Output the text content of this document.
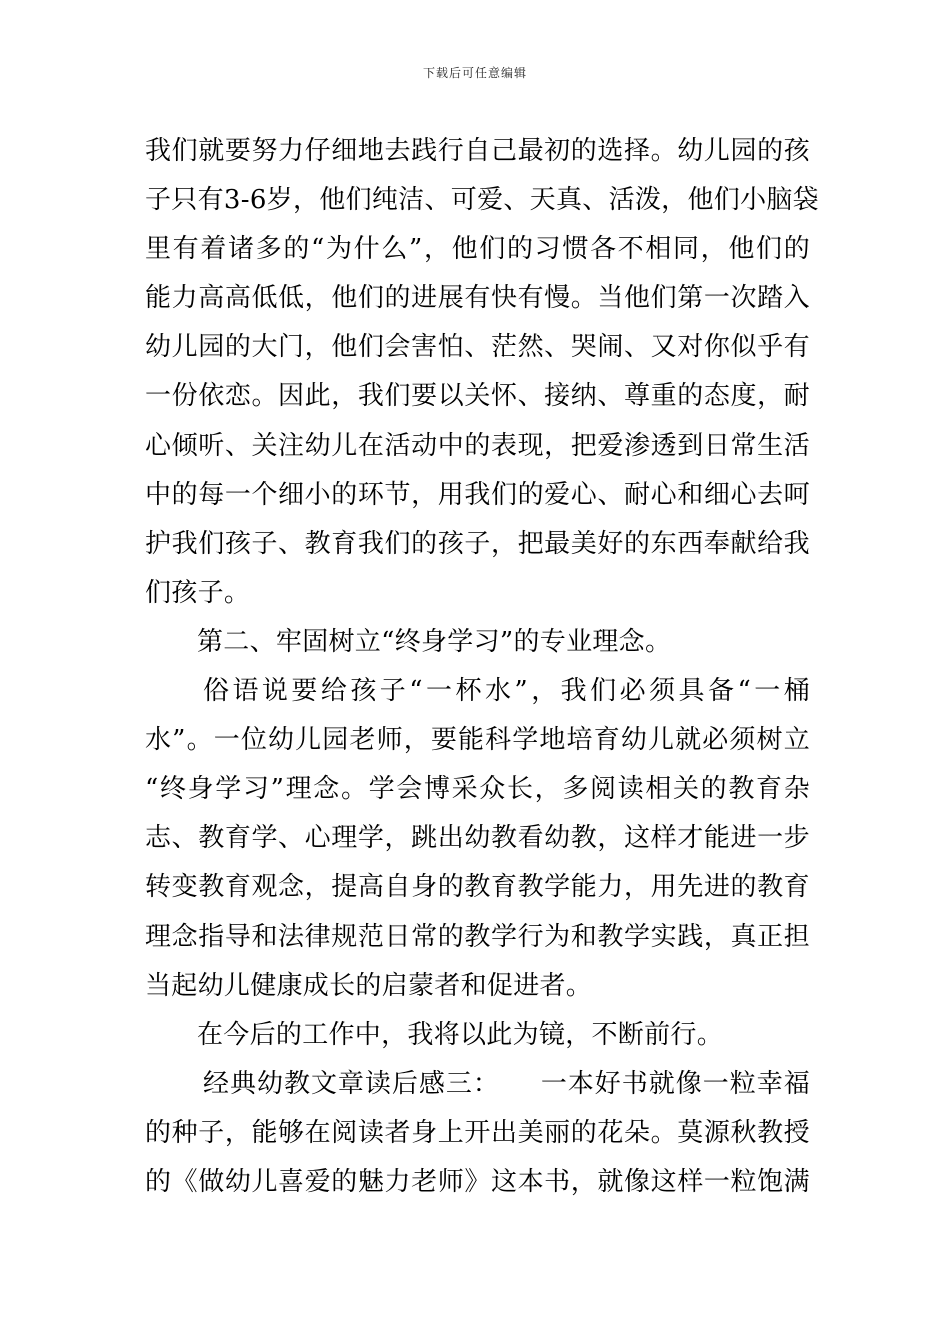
下载后可任意编辑
我们就要努力仔细地去践行自己最初的选择。幼儿园的孩
子只有3-6岁，他们纯洁、可爱、天真、活泼，他们小脑袋
里有着诸多的“为什么”，他们的习惯各不相同，他们的
能力高高低低，他们的进展有快有慢。当他们第一次踏入
幼儿园的大门，他们会害怕、茫然、哭闹、又对你似乎有
一份依恋。因此，我们要以关怀、接纳、尊重的态度，耐
心倾听、关注幼儿在活动中的表现，把爱渗透到日常生活
中的每一个细小的环节，用我们的爱心、耐心和细心去呵
护我们孩子、教育我们的孩子，把最美好的东西奉献给我
们孩子。
第二、牢固树立“终身学习”的专业理念。
俗语说要给孩子“一杯水”，我们必须具备“一桶
水”。一位幼儿园老师，要能科学地培育幼儿就必须树立
“终身学习”理念。学会博采众长，多阅读相关的教育杂
志、教育学、心理学，跳出幼教看幼教，这样才能进一步
转变教育观念，提高自身的教育教学能力，用先进的教育
理念指导和法律规范日常的教学行为和教学实践，真正担
当起幼儿健康成长的启蒙者和促进者。
在今后的工作中，我将以此为镜，不断前行。
经典幼教文章读后感三：　　一本好书就像一粒幸福
的种子，能够在阅读者身上开出美丽的花朵。莫源秋教授
的《做幼儿喜爱的魅力老师》这本书，就像这样一粒饱满
